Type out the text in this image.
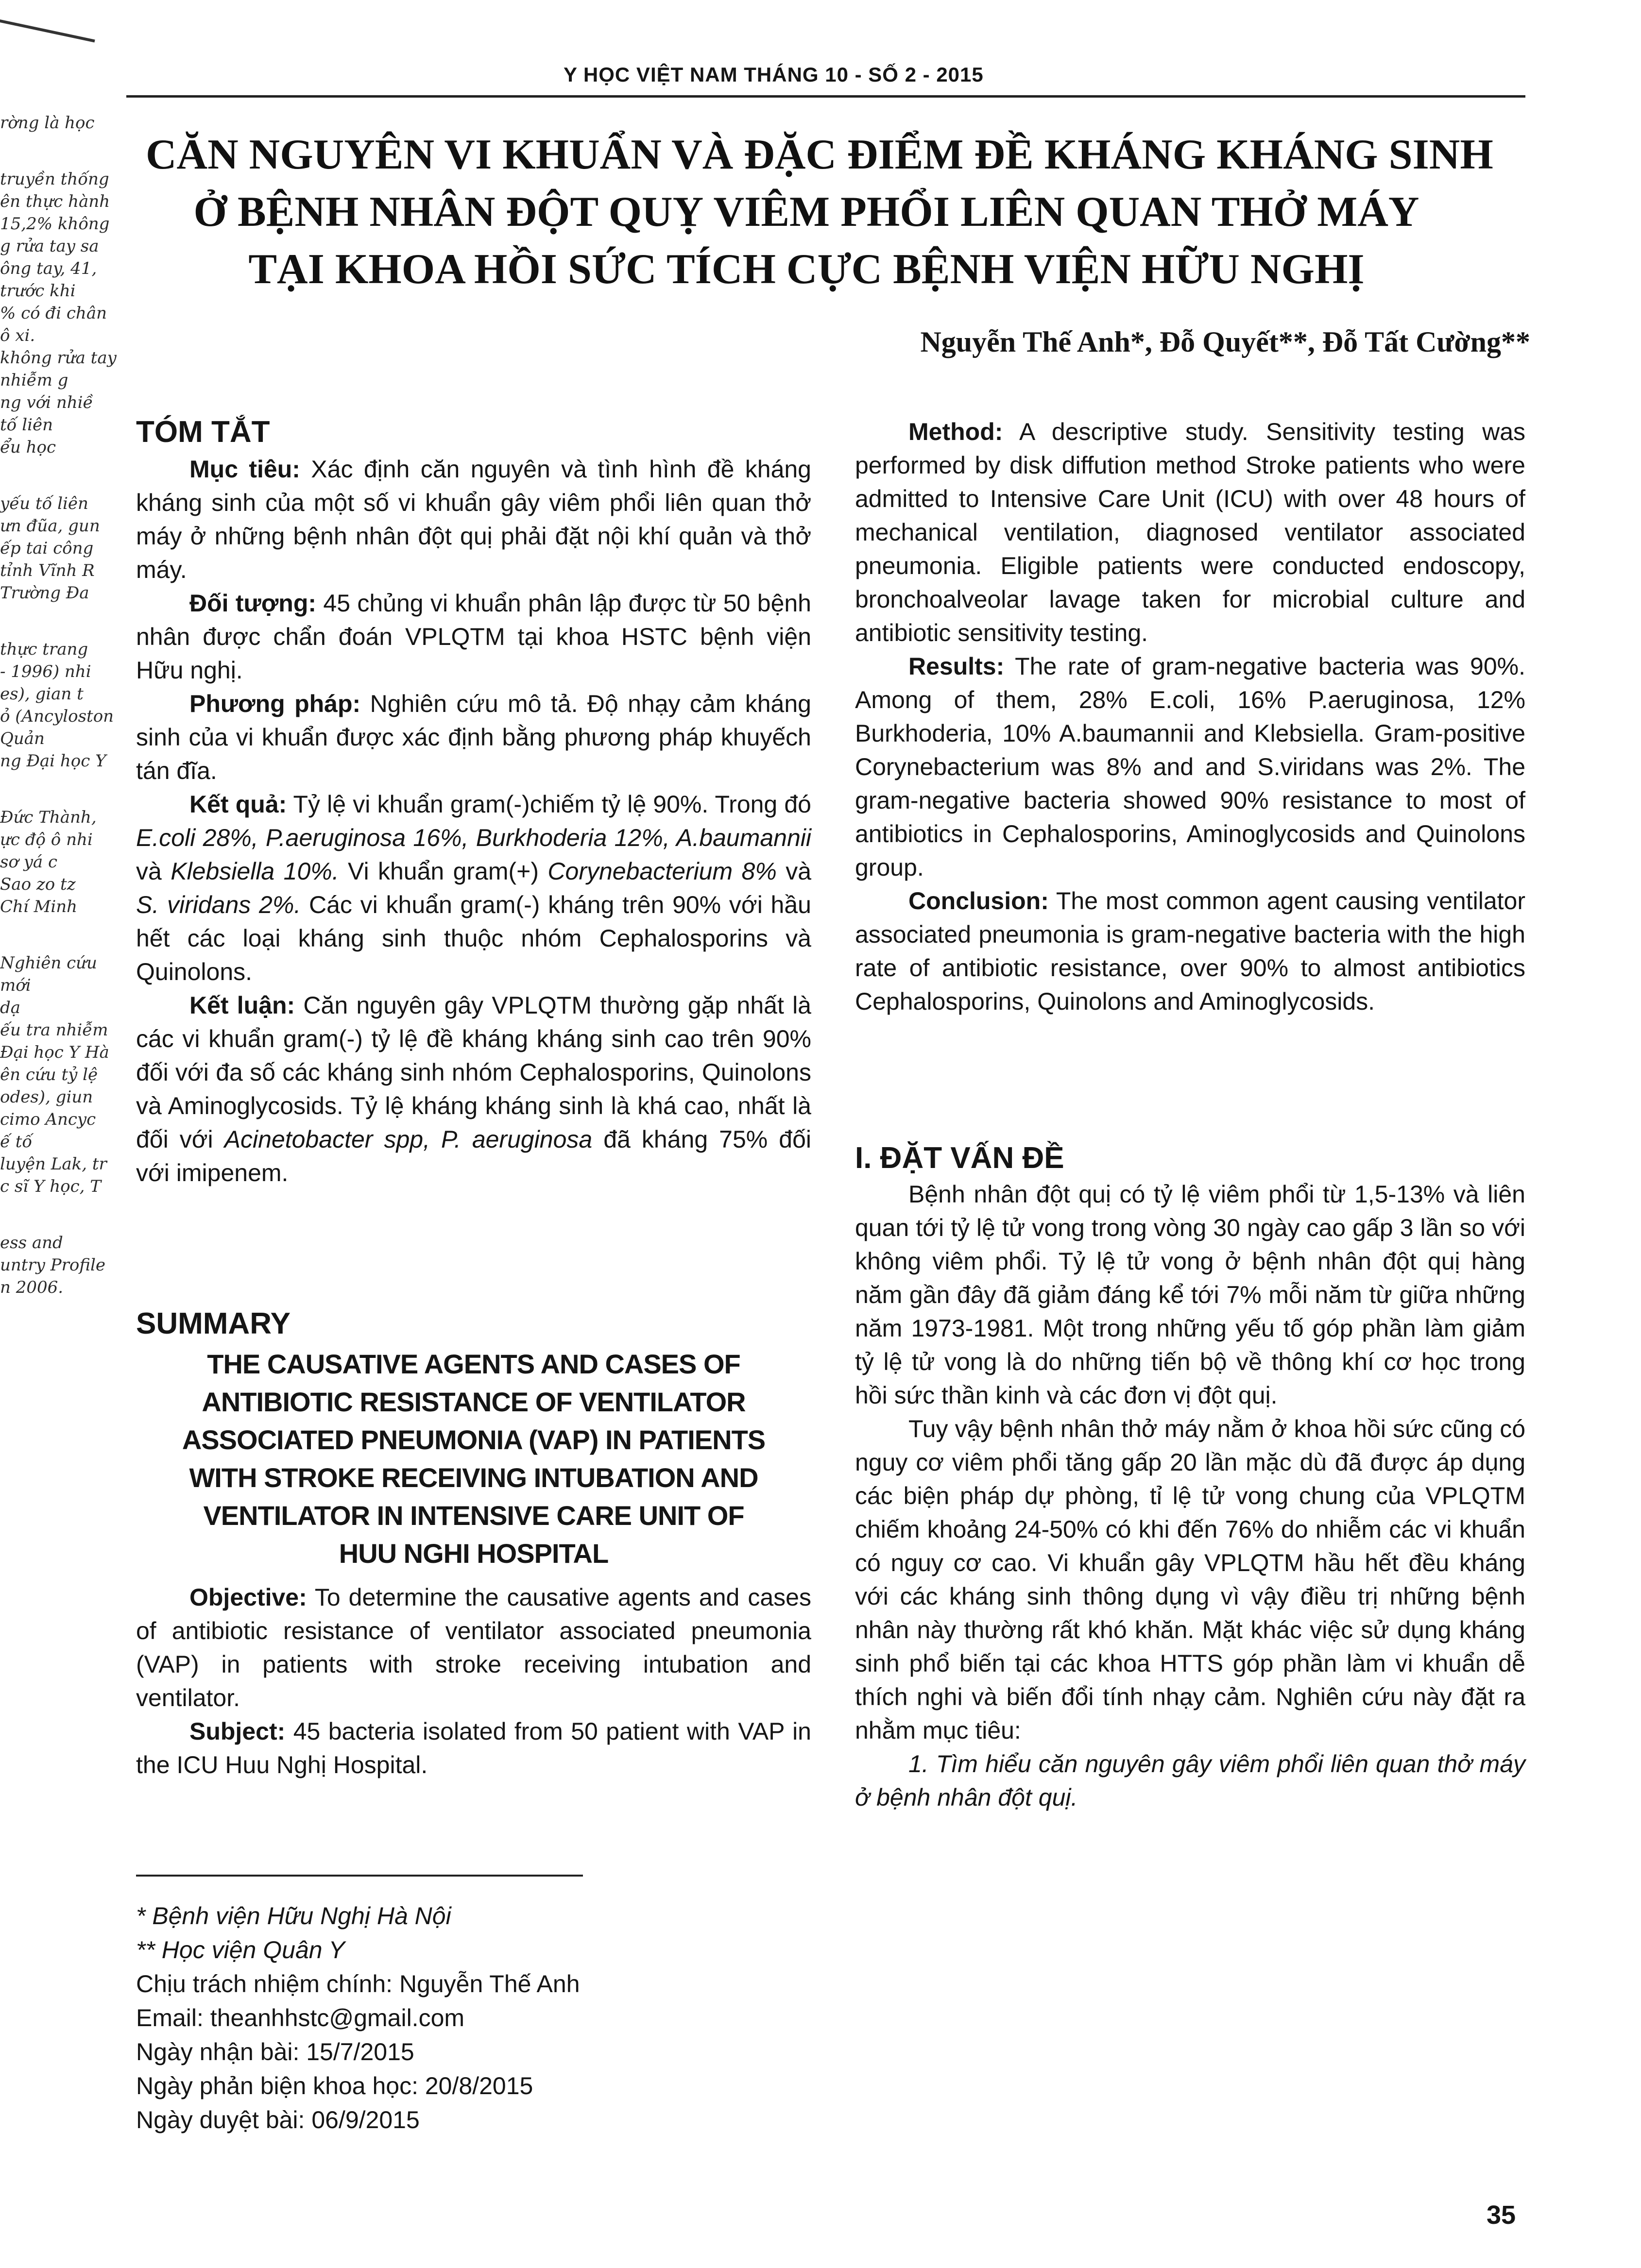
rờng là học
truyền thống
ên thực hành
15,2% không
g rửa tay sa
ông tay, 41,
trước khi
% có đi chân
ô xi.
không rửa tay
nhiễm g
ng với nhiề
tố liên
ểu học
yếu tố liên
ưn đũa, gun
ếp tai công
tỉnh Vĩnh R
Trường Đa
thực trang
- 1996) nhi
es), gian t
ỏ (Ancyloston
Quản
ng Đại học Y
Đức Thành,
ực độ ô nhi
sơ yá c
Sao zo tz
Chí Minh
Nghiên cứu
mới
dạ
ếu tra nhiễm
Đại học Y Hà
ên cứu tỷ lệ
odes), giun
cimo Ancyc
ế tố
luyện Lak, tr
c sĩ Y học, T
ess and
untry Profile
n 2006.
Y HỌC VIỆT NAM THÁNG 10 - SỐ 2 - 2015
CĂN NGUYÊN VI KHUẨN VÀ ĐẶC ĐIỂM ĐỀ KHÁNG KHÁNG SINH
Ở BỆNH NHÂN ĐỘT QUỴ VIÊM PHỔI LIÊN QUAN THỞ MÁY
TẠI KHOA HỒI SỨC TÍCH CỰC BỆNH VIỆN HỮU NGHỊ
Nguyễn Thế Anh*, Đỗ Quyết**, Đỗ Tất Cường**
TÓM TẮT

Mục tiêu: Xác định căn nguyên và tình hình đề kháng kháng sinh của một số vi khuẩn gây viêm phổi liên quan thở máy ở những bệnh nhân đột quị phải đặt nội khí quản và thở máy.

Đối tượng: 45 chủng vi khuẩn phân lập được từ 50 bệnh nhân được chẩn đoán VPLQTM tại khoa HSTC bệnh viện Hữu nghị.

Phương pháp: Nghiên cứu mô tả. Độ nhạy cảm kháng sinh của vi khuẩn được xác định bằng phương pháp khuyếch tán đĩa.

Kết quả: Tỷ lệ vi khuẩn gram(-)chiếm tỷ lệ 90%. Trong đó E.coli 28%, P.aeruginosa 16%, Burkhoderia 12%, A.baumannii và Klebsiella 10%. Vi khuẩn gram(+) Corynebacterium 8% và S. viridans 2%. Các vi khuẩn gram(-) kháng trên 90% với hầu hết các loại kháng sinh thuộc nhóm Cephalosporins và Quinolons.

Kết luận: Căn nguyên gây VPLQTM thường gặp nhất là các vi khuẩn gram(-) tỷ lệ đề kháng kháng sinh cao trên 90% đối với đa số các kháng sinh nhóm Cephalosporins, Quinolons và Aminoglycosids. Tỷ lệ kháng kháng sinh là khá cao, nhất là đối với Acinetobacter spp, P. aeruginosa đã kháng 75% đối với imipenem.

SUMMARY
THE CAUSATIVE AGENTS AND CASES OF
ANTIBIOTIC RESISTANCE OF VENTILATOR
ASSOCIATED PNEUMONIA (VAP) IN PATIENTS
WITH STROKE RECEIVING INTUBATION AND
VENTILATOR IN INTENSIVE CARE UNIT OF
HUU NGHI HOSPITAL

Objective: To determine the causative agents and cases of antibiotic resistance of ventilator associated pneumonia (VAP) in patients with stroke receiving intubation and ventilator.

Subject: 45 bacteria isolated from 50 patient with VAP in the ICU Huu Nghị Hospital.

* Bệnh viện Hữu Nghị Hà Nội
** Học viện Quân Y
Chịu trách nhiệm chính: Nguyễn Thế Anh
Email: theanhhstc@gmail.com
Ngày nhận bài: 15/7/2015
Ngày phản biện khoa học: 20/8/2015
Ngày duyệt bài: 06/9/2015

Method: A descriptive study. Sensitivity testing was performed by disk diffution method Stroke patients who were admitted to Intensive Care Unit (ICU) with over 48 hours of mechanical ventilation, diagnosed ventilator associated pneumonia. Eligible patients were conducted endoscopy, bronchoalveolar lavage taken for microbial culture and antibiotic sensitivity testing.

Results: The rate of gram-negative bacteria was 90%. Among of them, 28% E.coli, 16% P.aeruginosa, 12% Burkhoderia, 10% A.baumannii and Klebsiella. Gram-positive Corynebacterium was 8% and and S.viridans was 2%. The gram-negative bacteria showed 90% resistance to most of antibiotics in Cephalosporins, Aminoglycosids and Quinolons group.

Conclusion: The most common agent causing ventilator associated pneumonia is gram-negative bacteria with the high rate of antibiotic resistance, over 90% to almost antibiotics Cephalosporins, Quinolons and Aminoglycosids.

I. ĐẶT VẤN ĐỀ

Bệnh nhân đột quị có tỷ lệ viêm phổi từ 1,5-13% và liên quan tới tỷ lệ tử vong trong vòng 30 ngày cao gấp 3 lần so với không viêm phổi. Tỷ lệ tử vong ở bệnh nhân đột quị hàng năm gần đây đã giảm đáng kể tới 7% mỗi năm từ giữa những năm 1973-1981. Một trong những yếu tố góp phần làm giảm tỷ lệ tử vong là do những tiến bộ về thông khí cơ học trong hồi sức thần kinh và các đơn vị đột quị.

Tuy vậy bệnh nhân thở máy nằm ở khoa hồi sức cũng có nguy cơ viêm phổi tăng gấp 20 lần mặc dù đã được áp dụng các biện pháp dự phòng, tỉ lệ tử vong chung của VPLQTM chiếm khoảng 24-50% có khi đến 76% do nhiễm các vi khuẩn có nguy cơ cao. Vi khuẩn gây VPLQTM hầu hết đều kháng với các kháng sinh thông dụng vì vậy điều trị những bệnh nhân này thường rất khó khăn. Mặt khác việc sử dụng kháng sinh phổ biến tại các khoa HTTS góp phần làm vi khuẩn dễ thích nghi và biến đổi tính nhạy cảm. Nghiên cứu này đặt ra nhằm mục tiêu:

1. Tìm hiểu căn nguyên gây viêm phổi liên quan thở máy ở bệnh nhân đột quị.

35
